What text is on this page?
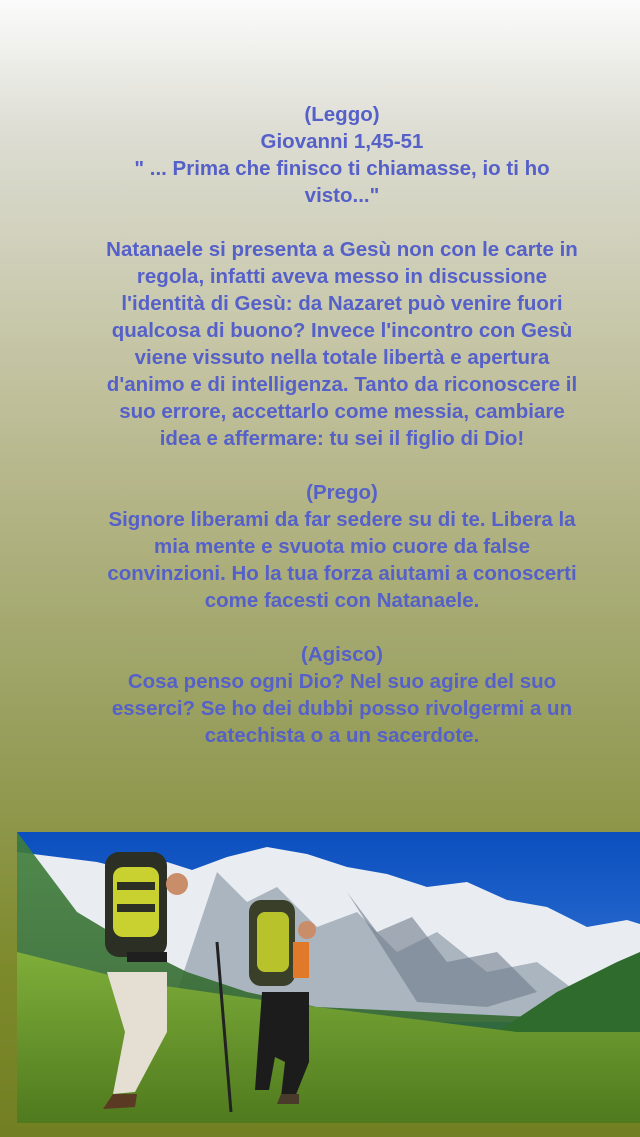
(Leggo)
Giovanni 1,45-51
" ... Prima che finisco ti chiamasse, io ti ho visto..."
Natanaele si presenta a Gesù non con le carte in regola, infatti aveva messo in discussione l'identità di Gesù: da Nazaret può venire fuori qualcosa di buono? Invece l'incontro con Gesù viene vissuto nella totale libertà e apertura d'animo e di intelligenza. Tanto da riconoscere il suo errore, accettarlo come messia, cambiare idea e affermare: tu sei il figlio di Dio!
(Prego)
Signore liberami da far sedere su di te. Libera la mia mente e svuota mio cuore da false convinzioni. Ho la tua forza aiutami a conoscerti come facesti con Natanaele.
(Agisco)
Cosa penso ogni Dio? Nel suo agire del suo esserci? Se ho dei dubbi posso rivolgermi a un catechista o a un sacerdote.
